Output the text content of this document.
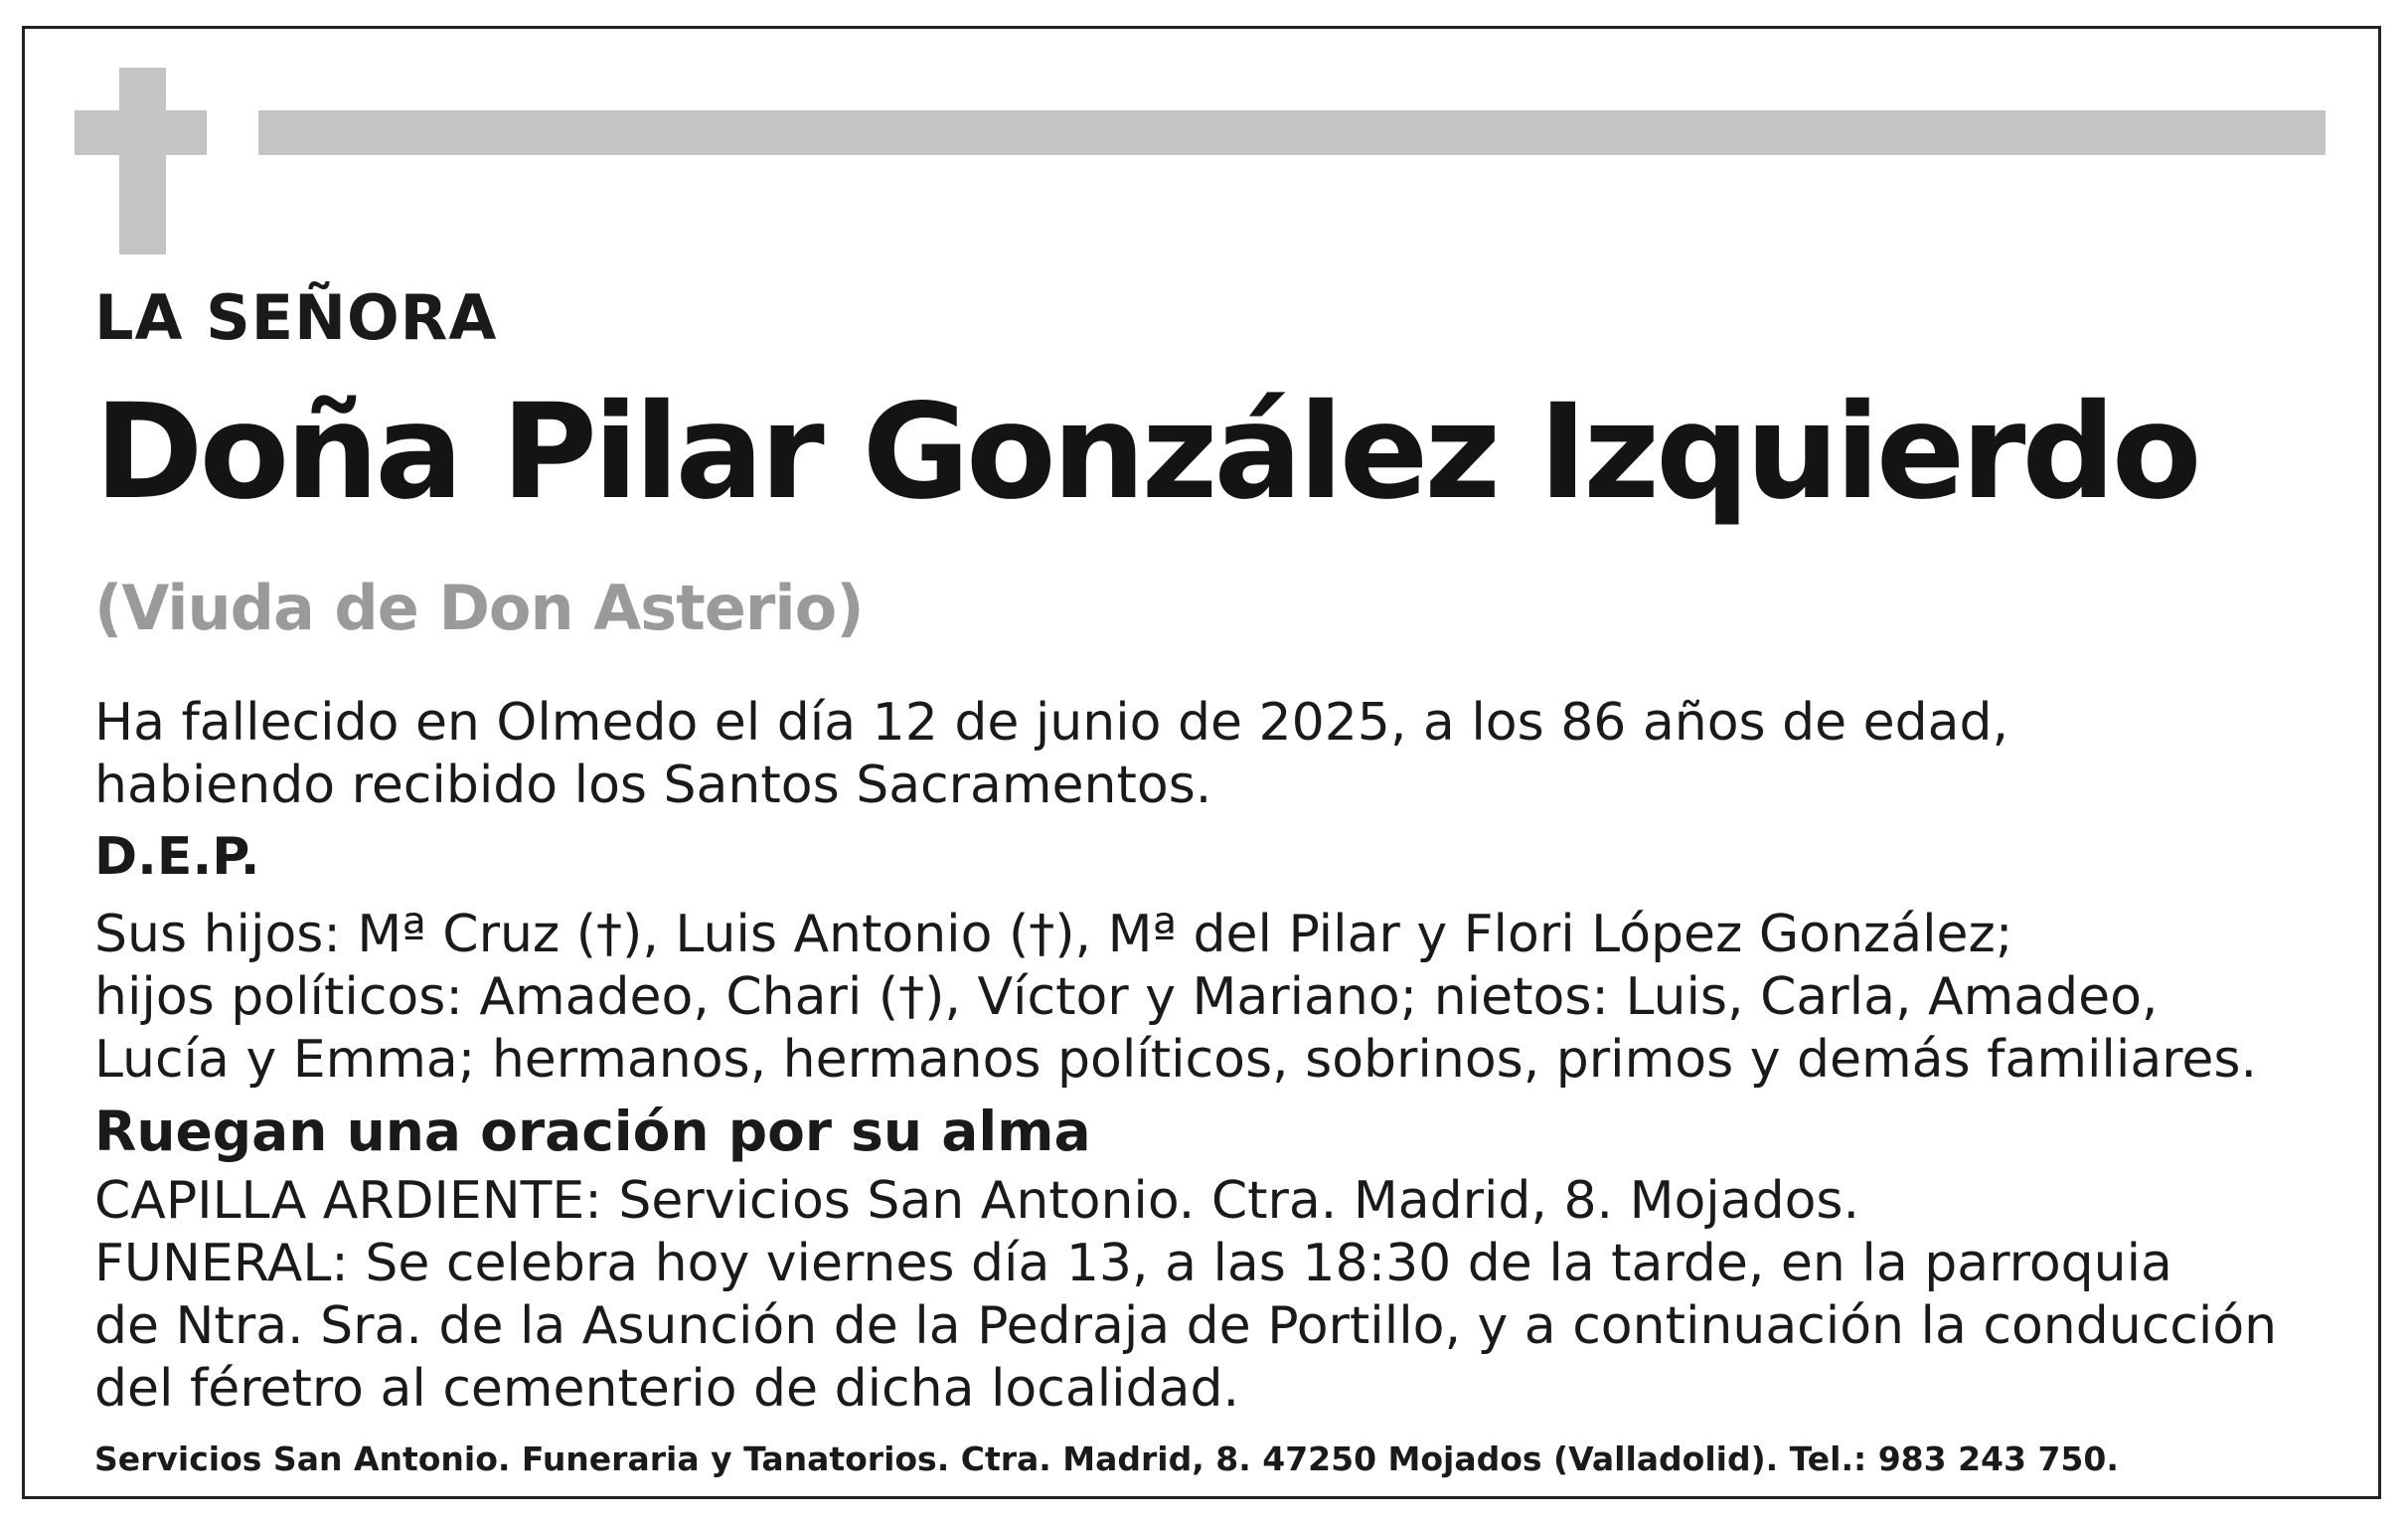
LA SEÑORA
Doña Pilar González Izquierdo
(Viuda de Don Asterio)
Ha fallecido en Olmedo el día 12 de junio de 2025, a los 86 años de edad,
habiendo recibido los Santos Sacramentos.
D.E.P.
Sus hijos: Mª Cruz (†), Luis Antonio (†), Mª del Pilar y Flori López González;
hijos políticos: Amadeo, Chari (†), Víctor y Mariano; nietos: Luis, Carla, Amadeo,
Lucía y Emma; hermanos, hermanos políticos, sobrinos, primos y demás familiares.
Ruegan una oración por su alma
CAPILLA ARDIENTE: Servicios San Antonio. Ctra. Madrid, 8. Mojados.
FUNERAL: Se celebra hoy viernes día 13, a las 18:30 de la tarde, en la parroquia
de Ntra. Sra. de la Asunción de la Pedraja de Portillo, y a continuación la conducción
del féretro al cementerio de dicha localidad.
Servicios San Antonio. Funeraria y Tanatorios. Ctra. Madrid, 8. 47250 Mojados (Valladolid). Tel.: 983 243 750.
